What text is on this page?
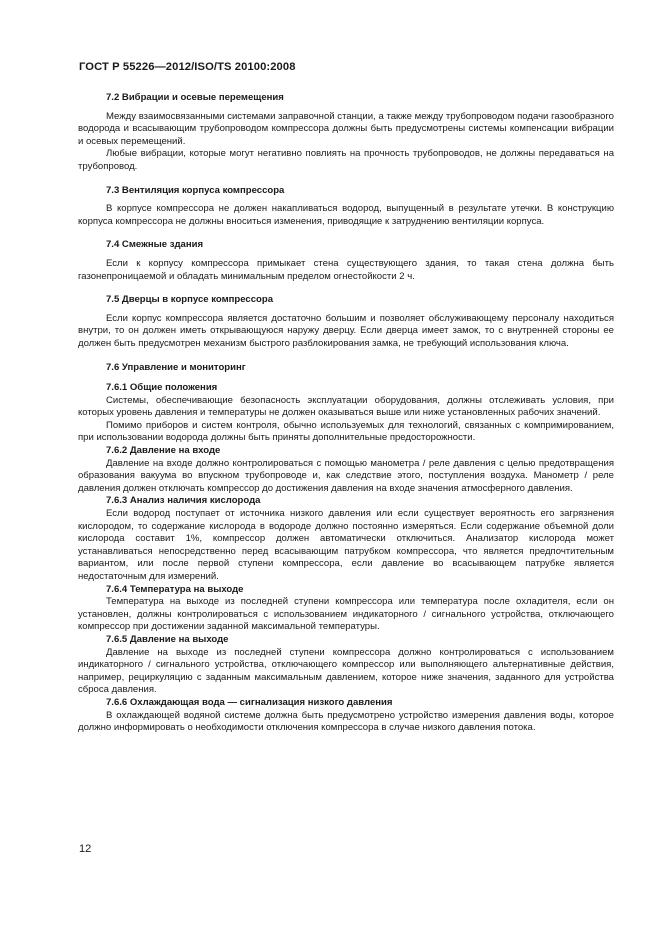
ГОСТ Р 55226—2012/ISO/TS 20100:2008
7.2 Вибрации и осевые перемещения

Между взаимосвязанными системами заправочной станции, а также между трубопроводом подачи газообразного водорода и всасывающим трубопроводом компрессора должны быть предусмотрены системы компенсации вибрации и осевых перемещений.

Любые вибрации, которые могут негативно повлиять на прочность трубопроводов, не должны передаваться на трубопровод.

7.3 Вентиляция корпуса компрессора

В корпусе компрессора не должен накапливаться водород, выпущенный в результате утечки. В конструкцию корпуса компрессора не должны вноситься изменения, приводящие к затруднению вентиляции корпуса.

7.4 Смежные здания

Если к корпусу компрессора примыкает стена существующего здания, то такая стена должна быть газонепроницаемой и обладать минимальным пределом огнестойкости 2 ч.

7.5 Дверцы в корпусе компрессора

Если корпус компрессора является достаточно большим и позволяет обслуживающему персоналу находиться внутри, то он должен иметь открывающуюся наружу дверцу. Если дверца имеет замок, то с внутренней стороны ее должен быть предусмотрен механизм быстрого разблокирования замка, не требующий использования ключа.

7.6 Управление и мониторинг
7.6.1 Общие положения

Системы, обеспечивающие безопасность эксплуатации оборудования, должны отслеживать условия, при которых уровень давления и температуры не должен оказываться выше или ниже установленных рабочих значений.

Помимо приборов и систем контроля, обычно используемых для технологий, связанных с компримированием, при использовании водорода должны быть приняты дополнительные предосторожности.

7.6.2 Давление на входе

Давление на входе должно контролироваться с помощью манометра / реле давления с целью предотвращения образования вакуума во впускном трубопроводе и, как следствие этого, поступления воздуха. Манометр / реле давления должен отключать компрессор до достижения давления на входе значения атмосферного давления.

7.6.3 Анализ наличия кислорода

Если водород поступает от источника низкого давления или если существует вероятность его загрязнения кислородом, то содержание кислорода в водороде должно постоянно измеряться. Если содержание объемной доли кислорода составит 1%, компрессор должен автоматически отключиться. Анализатор кислорода может устанавливаться непосредственно перед всасывающим патрубком компрессора, что является предпочтительным вариантом, или после первой ступени компрессора, если давление во всасывающем патрубке является недостаточным для измерений.

7.6.4 Температура на выходе

Температура на выходе из последней ступени компрессора или температура после охладителя, если он установлен, должны контролироваться с использованием индикаторного / сигнального устройства, отключающего компрессор при достижении заданной максимальной температуры.

7.6.5 Давление на выходе

Давление на выходе из последней ступени компрессора должно контролироваться с использованием индикаторного / сигнального устройства, отключающего компрессор или выполняющего альтернативные действия, например, рециркуляцию с заданным максимальным давлением, которое ниже значения, заданного для устройства сброса давления.

7.6.6 Охлаждающая вода — сигнализация низкого давления

В охлаждающей водяной системе должна быть предусмотрено устройство измерения давления воды, которое должно информировать о необходимости отключения компрессора в случае низкого давления потока.

12
